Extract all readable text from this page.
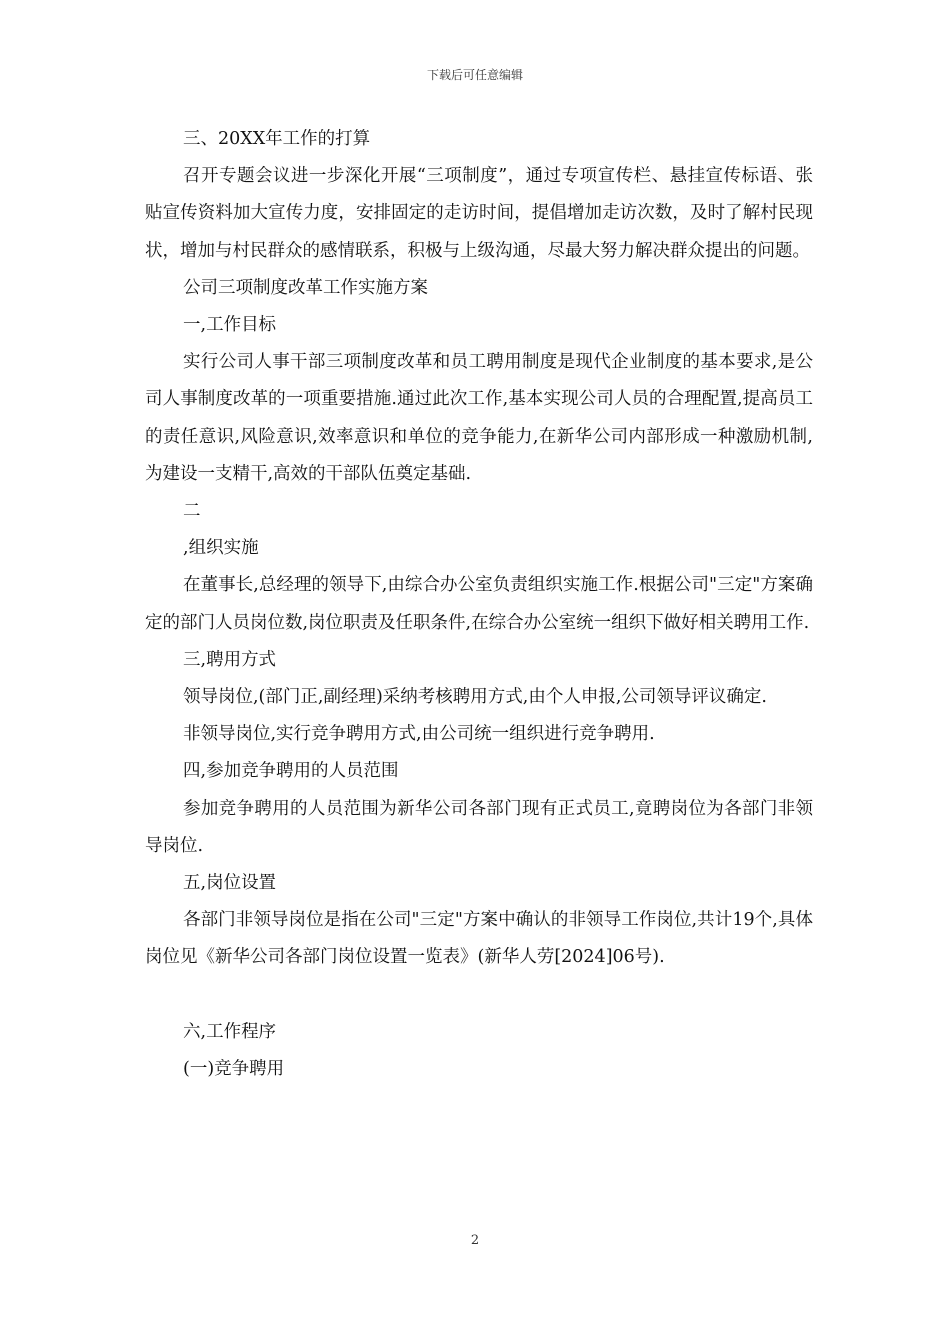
下载后可任意编辑

三、20XX年工作的打算

召开专题会议进一步深化开展“三项制度”，通过专项宣传栏、悬挂宣传标语、张贴宣传资料加大宣传力度，安排固定的走访时间，提倡增加走访次数，及时了解村民现状，增加与村民群众的感情联系，积极与上级沟通，尽最大努力解决群众提出的问题。

公司三项制度改革工作实施方案

一,工作目标

实行公司人事干部三项制度改革和员工聘用制度是现代企业制度的基本要求,是公司人事制度改革的一项重要措施.通过此次工作,基本实现公司人员的合理配置,提高员工的责任意识,风险意识,效率意识和单位的竞争能力,在新华公司内部形成一种激励机制,为建设一支精干,高效的干部队伍奠定基础.

二

,组织实施

在董事长,总经理的领导下,由综合办公室负责组织实施工作.根据公司"三定"方案确定的部门人员岗位数,岗位职责及任职条件,在综合办公室统一组织下做好相关聘用工作.

三,聘用方式

领导岗位,(部门正,副经理)采纳考核聘用方式,由个人申报,公司领导评议确定.

非领导岗位,实行竞争聘用方式,由公司统一组织进行竞争聘用.

四,参加竞争聘用的人员范围

参加竞争聘用的人员范围为新华公司各部门现有正式员工,竟聘岗位为各部门非领导岗位.

五,岗位设置

各部门非领导岗位是指在公司"三定"方案中确认的非领导工作岗位,共计19个,具体岗位见《新华公司各部门岗位设置一览表》(新华人劳[2024]06号).

六,工作程序

(一)竞争聘用

2
